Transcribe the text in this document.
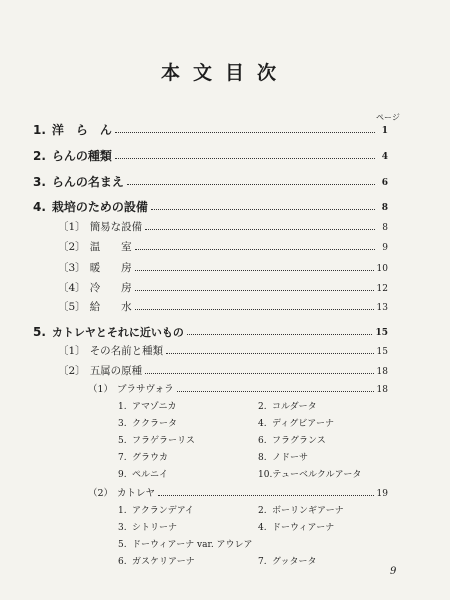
本文目次
ページ
1. 洋　ら　ん	1
2. らんの種類	4
3. らんの名まえ	6
4. 栽培のための設備	8
〔1〕 簡易な設備	8
〔2〕 温　　室	9
〔3〕 暖　　房	10
〔4〕 冷　　房	12
〔5〕 給　　水	13
5. カトレヤとそれに近いもの	15
〔1〕 その名前と種類	15
〔2〕 五属の原種	18
（1） ブラサヴォラ	18
1. アマゾニカ	2. コルダータ
3. ククラータ	4. ディグビアーナ
5. フラゲラーリス	6. フラグランス
7. グラウカ	8. ノドーサ
9. ペルニイ	10.テューベルクルアータ
（2） カトレヤ	19
1. アクランデアイ	2. ボーリンギアーナ
3. シトリーナ	4. ドーウィアーナ
5. ドーウィアーナ var. アウレア
6. ガスケリアーナ	7. グッタータ
9
